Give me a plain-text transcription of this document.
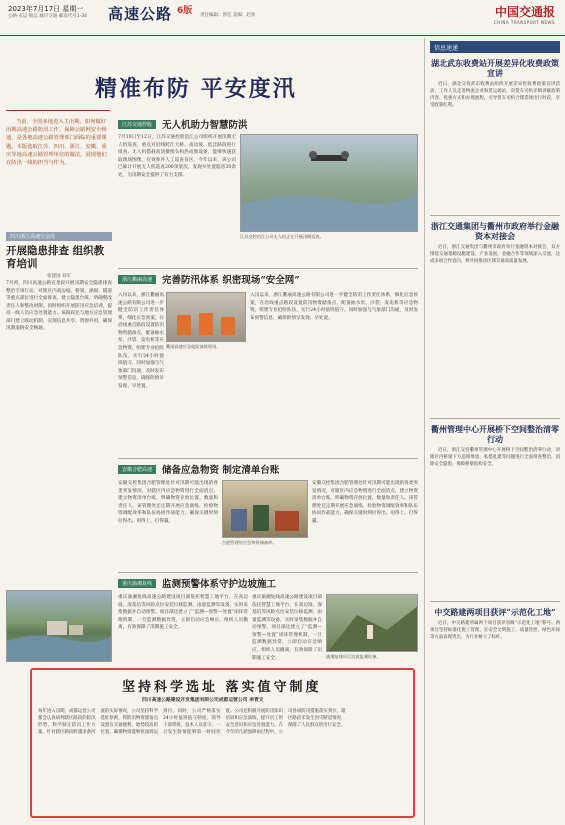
2023年7月17日 星期一
公路·水运·航运 城市交通 邮发代号1-34	高速公路 6版 责任编辑：郭宏 美编：赵欣	中国交通报
CHINA TRANSPORT NEWS
精准布防 平安度汛
当前，全国多地进入主汛期。如何做好汛期高速公路防汛工作，保障公路网安全畅通，是各地高速公路管理部门面临的重要课题。本版选取江苏、四川、浙江、安徽、重庆等地高速公路管理单位的做法，展现他们在防汛一线的担当与作为。
四川浙江高速宣金段
开展隐患排查 组织教育培训
张建国 刘军
7月初，四川高速公路宣金段开展汛期安全隐患排查整治专项行动，对辖区内高边坡、桥梁、涵洞、隧道等重点部位进行全面排查，建立隐患台账，明确整改责任人和整改时限。同时组织开展防汛应急培训，提高一线人员应急处置能力。该路段还与地方应急管理部门建立联动机制，实现信息共享、资源共用，确保汛期道路安全畅通。
江苏交通控股	无人机助力智慧防洪
7月10日至12日，江苏交通控股沿江公司组织开展汛期无人机巡查，重点对沿线跨江大桥、高边坡、低洼路段进行排查。无人机搭载高清摄像头和热成像设备，能够快速获取现场图像，有效弥补人工巡查盲区。今年以来，该公司已累计开展无人机巡查200余架次，发现并处置隐患30余处，为汛期安全提供了有力支撑。
江苏交控沿江公司无人机正在开展汛期巡查。
浙江衢丽高速	完善防汛体系 织密现场“安全网”
衢丽高速应急抢险演练现场。
入汛以来，浙江衢丽高速公路有限公司进一步健全防汛工作责任体系，细化应急预案，在沿线重点路段设置防汛物资储备点，配备抽水泵、沙袋、发电机等应急物资，组建专业抢险队伍，实行24小时值班值守。同时加强与气象部门沟通，及时发布预警信息，确保险情早发现、早处置。
入汛以来，浙江衢丽高速公路有限公司进一步健全防汛工作责任体系，细化应急预案，在沿线重点路段设置防汛物资储备点，配备抽水泵、沙袋、发电机等应急物资，组建专业抢险队伍，实行24小时值班值守。同时加强与气象部门沟通，及时发布预警信息，确保险情早发现、早处置。
安徽合肥高速	储备应急物资 制定清单台账
安徽交控集团合肥管理处针对汛期可能出现的各类突发情况，对辖区内应急物资进行全面清点，建立物资清单台账，明确物资存放位置、数量和责任人。该管理处还定期开展应急演练，检验物资调配效率和队伍协同作战能力，确保关键时刻拉得出、用得上、打得赢。
合肥管理处应急物资储备库。
安徽交控集团合肥管理处针对汛期可能出现的各类突发情况，对辖区内应急物资进行全面清点，建立物资清单台账，明确物资存放位置、数量和责任人。该管理处还定期开展应急演练，检验物资调配效率和队伍协同作战能力，确保关键时刻拉得出、用得上、打得赢。
重庆渝湘复线	监测预警体系守护边坡施工
重庆渝湘复线高速公路建设项目部依托智慧工地平台，在高边坡、深基坑等风险点位安装位移监测、雨量监测等设备，实时采集数据并自动预警。项目部还建立了“监测—预警—处置”闭环管理机制，一旦监测数据异常，立即启动应急响应，组织人员撤离，有效保障了汛期施工安全。
重庆渝湘复线高速公路建设项目部依托智慧工地平台，在高边坡、深基坑等风险点位安装位移监测、雨量监测等设备，实时采集数据并自动预警。项目部还建立了“监测—预警—处置”闭环管理机制，一旦监测数据异常，立即启动应急响应，组织人员撤离，有效保障了汛期施工安全。	渝湘复线项目边坡监测设备。
坚持科学选址 落实值守制度
四川高速公路建设开发集团有限公司成都运营公司 李青文
每年进入汛期，成都运营公司都会认真研判辖区路段的防汛形势，科学制定防汛工作方案。针对辖区路段跨越多条河流的实际情况，公司坚持科学选址原则，将防汛物资储备点设置在交通便利、地势较高的位置，确保物资能够快速调运到位。同时，公司严格落实24小时值班值守制度，领导干部带班，技术人员驻守，一旦发生险情能够第一时间处置。公司还积极开展防汛知识培训和应急演练，提升员工的安全意识和应急处置能力。在今年的几轮强降雨过程中，公司各项防汛措施落实到位，辖区路段未发生因灾断道情况，保障了人民群众的出行安全。
信息速递
湖北武东收费站开展差异化收费政策宣讲
近日，湖北交投武东收费站组织开展差异化收费政策宣讲活动，工作人员走进物流企业和货运场站，向货车司机详细讲解政策内容、优惠方式和办理流程，引导货车司机合理选择出行时段，享受政策红利。
浙江交通集团与衢州市政府举行金融资本对接会
近日，浙江交通集团与衢州市政府举行金融资本对接会，双方围绕交通基础设施建设、产业发展、金融合作等领域深入交流，达成多项合作意向，将共同推动区域交通高质量发展。
衢州管理中心开展桥下空间整治清零行动
近日，浙江交投衢州管理中心开展桥下空间整治清零行动，对辖区内桥梁下方违规堆放、私搭乱建等问题进行全面排查整治，消除安全隐患，保障桥梁结构安全。
中交路建两项目获评“示范化工地”
近日，中交路建所属两个项目获评省级“示范化工地”称号。两项目坚持标准化施工管理，在安全文明施工、质量管控、绿色环保等方面表现突出，为行业树立了标杆。
